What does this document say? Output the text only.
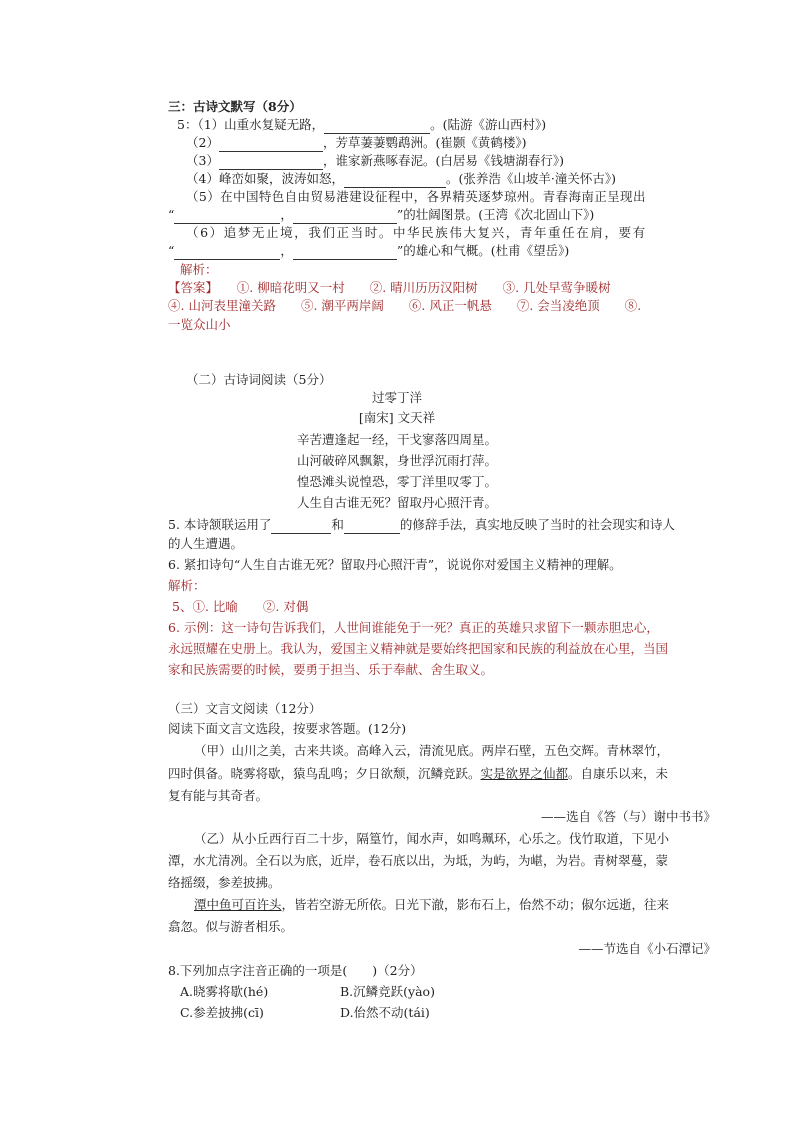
三：古诗文默写（8分）
5：（1）山重水复疑无路，	。(陆游《游山西村》)
（2）	，芳草萋萋鹦鹉洲。(崔颢《黄鹤楼》)
（3）	，谁家新燕啄春泥。(白居易《钱塘湖春行》)
（4）峰峦如聚，波涛如怒，	。(张养浩《山坡羊·潼关怀古》)
（5）在中国特色自由贸易港建设征程中，各界精英逐梦琼州。青春海南正呈现出
“	，	”的壮阔图景。(王湾《次北固山下》)
（6）追梦无止境，我们正当时。中华民族伟大复兴，青年重任在肩，要有
“	，	”的雄心和气概。(杜甫《望岳》)
解析：
【答案】　　①. 柳暗花明又一村　　②. 晴川历历汉阳树　　③. 几处早莺争暖树
④. 山河表里潼关路　　⑤. 潮平两岸阔　　⑥. 风正一帆悬　　⑦. 会当凌绝顶　　⑧.
一览众山小
（二）古诗词阅读（5分）
过零丁洋
[南宋] 文天祥
辛苦遭逢起一经，干戈寥落四周星。
山河破碎风飘絮，身世浮沉雨打萍。
惶恐滩头说惶恐，零丁洋里叹零丁。
人生自古谁无死？留取丹心照汗青。
5. 本诗颔联运用了	和	的修辞手法，真实地反映了当时的社会现实和诗人
的人生遭遇。
6. 紧扣诗句“人生自古谁无死？留取丹心照汗青”，说说你对爱国主义精神的理解。
解析：
5、①. 比喻　　②. 对偶
6. 示例：这一诗句告诉我们，人世间谁能免于一死？真正的英雄只求留下一颗赤胆忠心，
永远照耀在史册上。我认为，爱国主义精神就是要始终把国家和民族的利益放在心里，当国
家和民族需要的时候，要勇于担当、乐于奉献、舍生取义。
（三）文言文阅读（12分）
阅读下面文言文选段，按要求答题。(12分)
（甲）山川之美，古来共谈。高峰入云，清流见底。两岸石壁，五色交辉。青林翠竹，
四时俱备。晓雾将歇，猿鸟乱鸣；夕日欲颓，沉鳞竞跃。实是欲界之仙都。自康乐以来，未
复有能与其奇者。
——选自《答（与）谢中书书》
（乙）从小丘西行百二十步，隔篁竹，闻水声，如鸣珮环，心乐之。伐竹取道，下见小
潭，水尤清冽。全石以为底，近岸，卷石底以出，为坻，为屿，为嵁，为岩。青树翠蔓，蒙
络摇缀，参差披拂。
潭中鱼可百许头，皆若空游无所依。日光下澈，影布石上，佁然不动；俶尔远逝，往来
翕忽。似与游者相乐。
——节选自《小石潭记》
8.下列加点字注音正确的一项是(　　)（2分）
A.晓雾将歇(hé)	B.沉鳞竞跃(yào)
C.参差披拂(cī)	D.佁然不动(tái)
